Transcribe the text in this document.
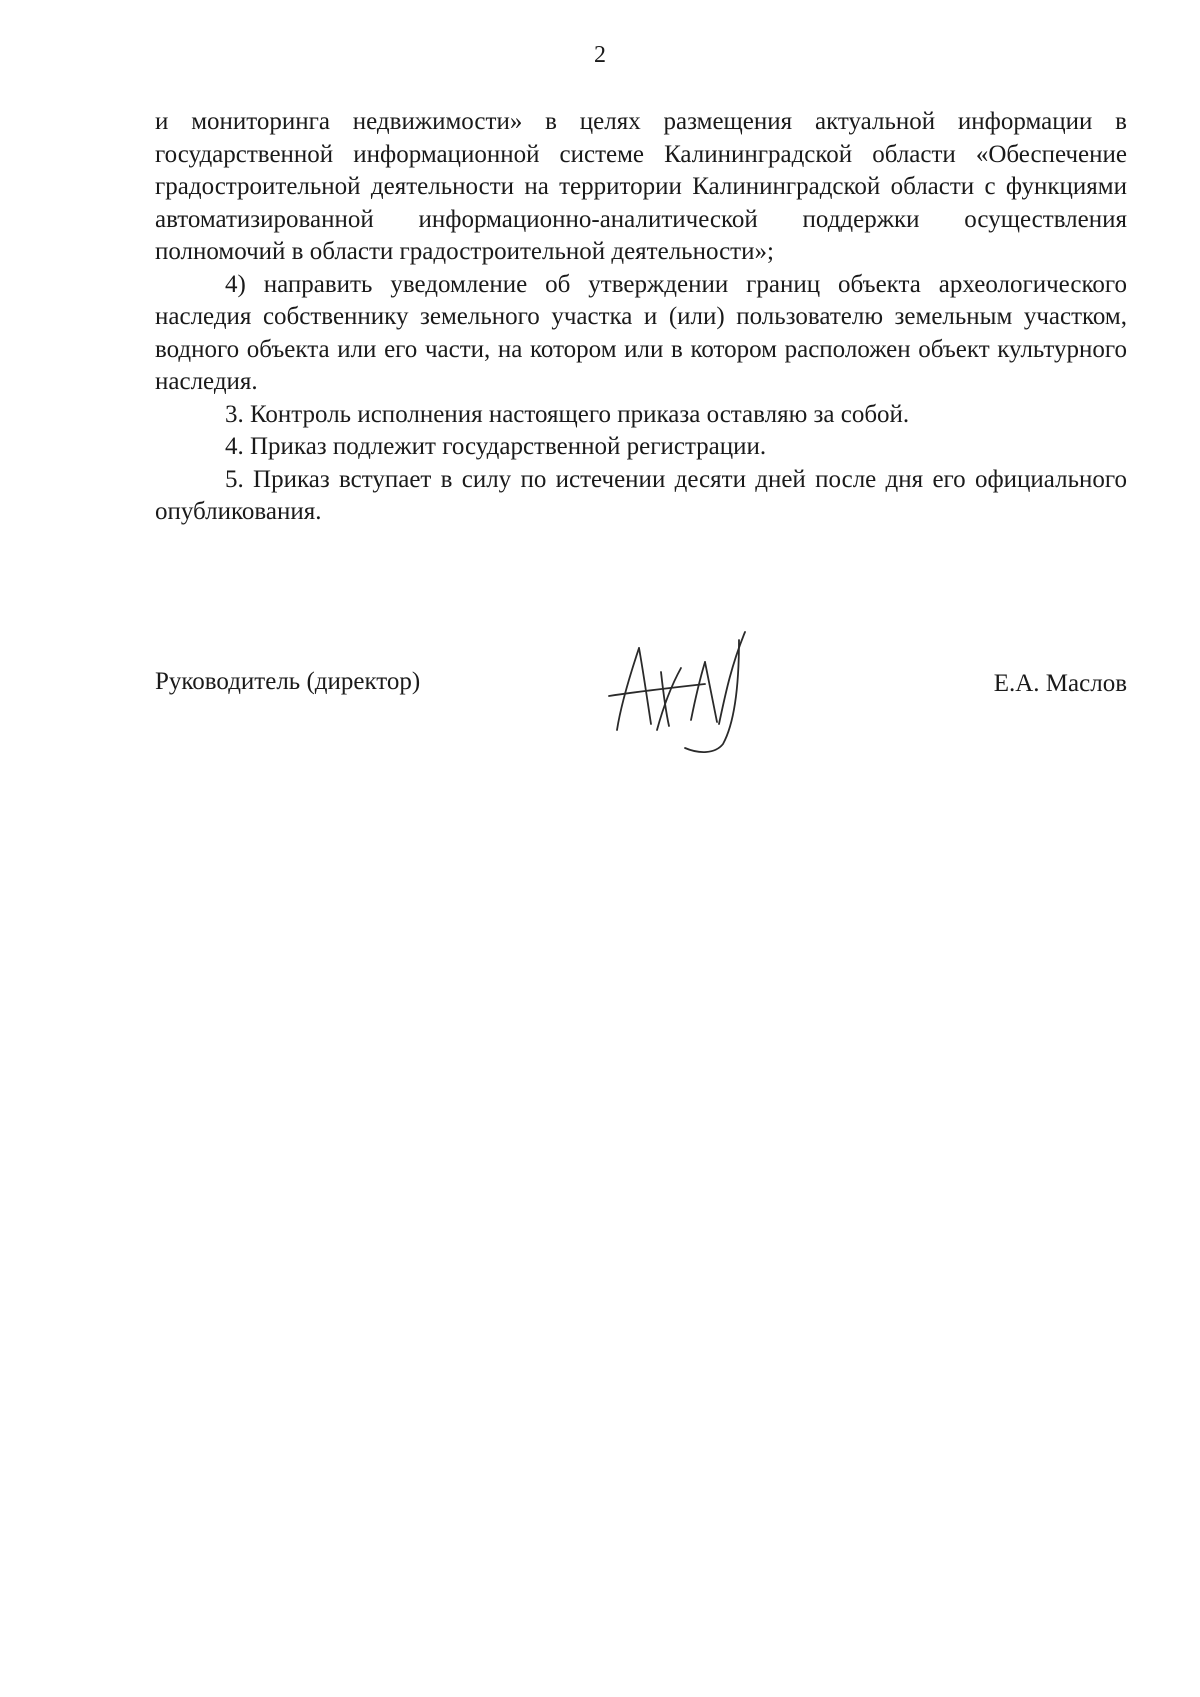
2

и мониторинга недвижимости» в целях размещения актуальной информации в государственной информационной системе Калининградской области «Обеспечение градостроительной деятельности на территории Калининградской области с функциями автоматизированной информационно-аналитической поддержки осуществления полномочий в области градостроительной деятельности»;

4) направить уведомление об утверждении границ объекта археологического наследия собственнику земельного участка и (или) пользователю земельным участком, водного объекта или его части, на котором или в котором расположен объект культурного наследия.

3. Контроль исполнения настоящего приказа оставляю за собой.

4. Приказ подлежит государственной регистрации.

5. Приказ вступает в силу по истечении десяти дней после дня его официального опубликования.

Руководитель (директор)	Е.А. Маслов
